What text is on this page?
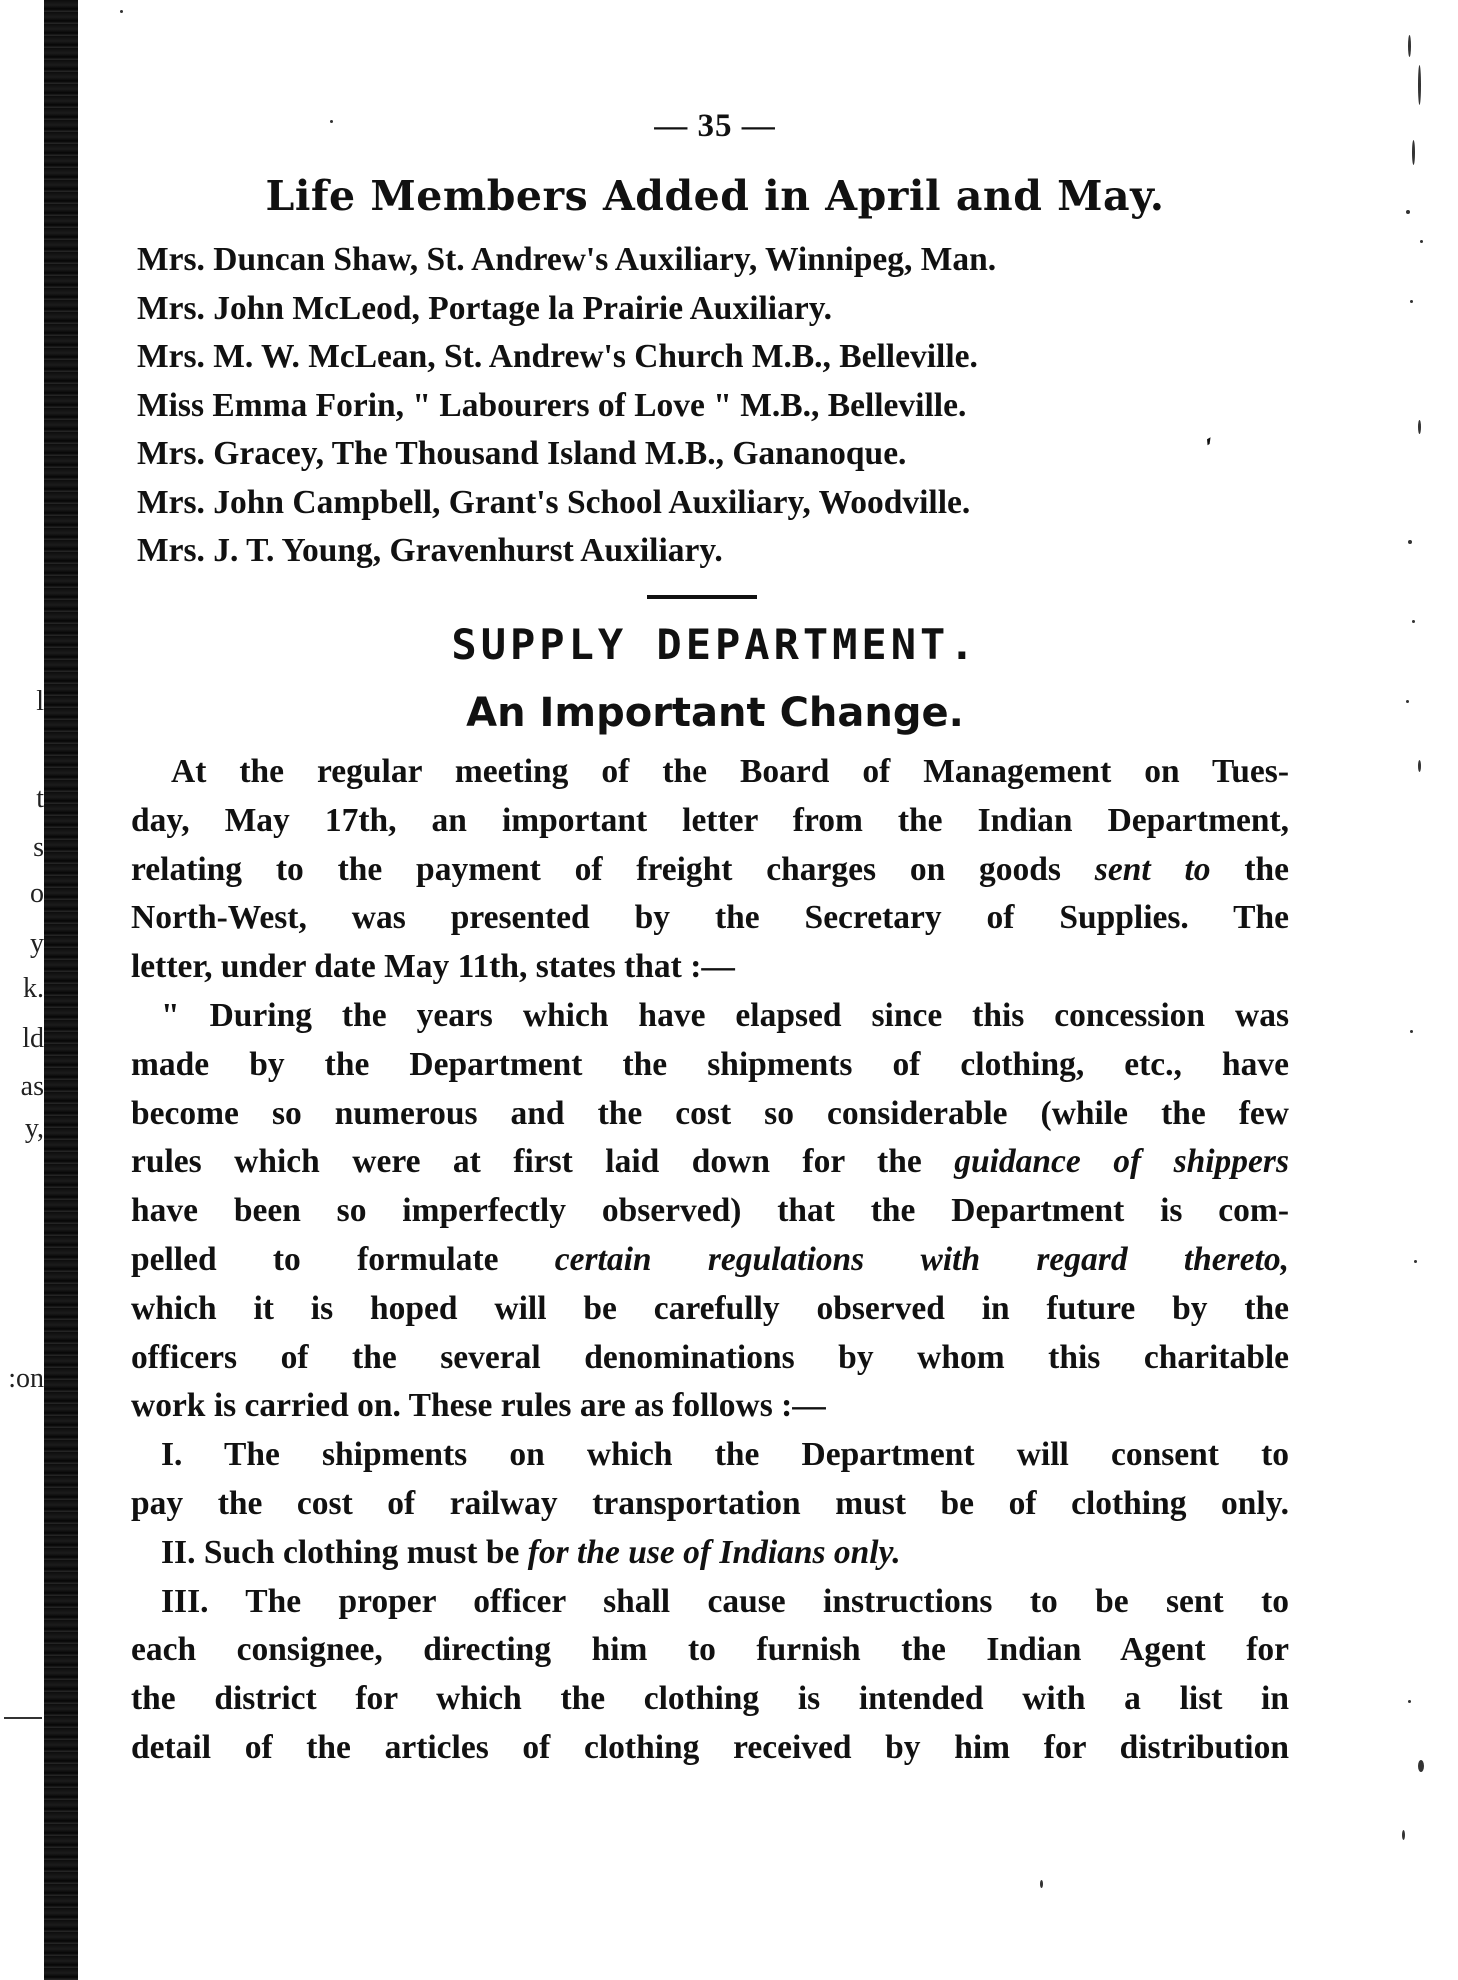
l
t
s
o
y
k.
ld
as
y,
:on
— 35 —
Life Members Added in April and May.
Mrs. Duncan Shaw, St. Andrew's Auxiliary, Winnipeg, Man.
Mrs. John McLeod, Portage la Prairie Auxiliary.
Mrs. M. W. McLean, St. Andrew's Church M.B., Belleville.
Miss Emma Forin, " Labourers of Love " M.B., Belleville.
Mrs. Gracey, The Thousand Island M.B., Gananoque.
Mrs. John Campbell, Grant's School Auxiliary, Woodville.
Mrs. J. T. Young, Gravenhurst Auxiliary.
′
SUPPLY DEPARTMENT.
An Important Change.
At the regular meeting of the Board of Management on Tues-
day, May 17th, an important letter from the Indian Department,
relating to the payment of freight charges on goods sent to the
North-West, was presented by the Secretary of Supplies. The
letter, under date May 11th, states that :—
" During the years which have elapsed since this concession was
made by the Department the shipments of clothing, etc., have
become so numerous and the cost so considerable (while the few
rules which were at first laid down for the guidance of shippers
have been so imperfectly observed) that the Department is com-
pelled to formulate certain regulations with regard thereto,
which it is hoped will be carefully observed in future by the
officers of the several denominations by whom this charitable
work is carried on. These rules are as follows :—
I. The shipments on which the Department will consent to
pay the cost of railway transportation must be of clothing only.
II. Such clothing must be for the use of Indians only.
III. The proper officer shall cause instructions to be sent to
each consignee, directing him to furnish the Indian Agent for
the district for which the clothing is intended with a list in
detail of the articles of clothing received by him for distribution
